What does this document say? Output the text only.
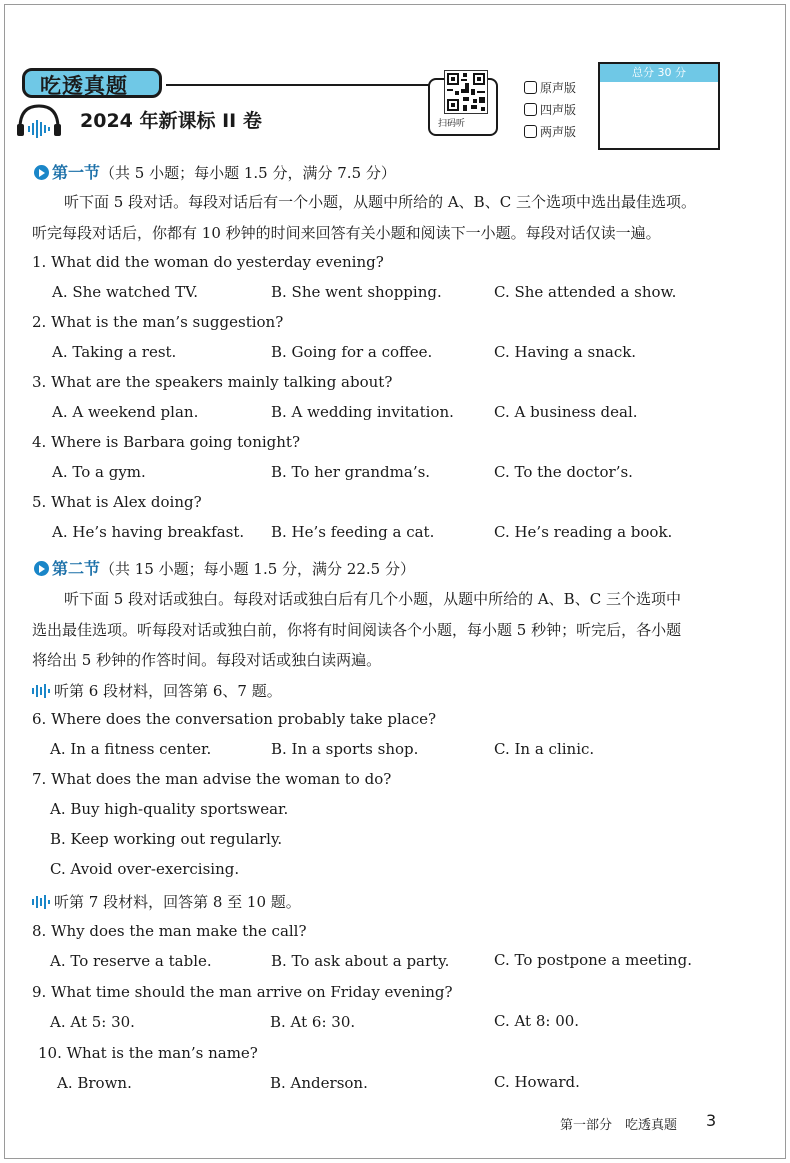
吃透真题
2024 年新课标 II 卷	扫码听
原声版
四声版
两声版
总分 30 分
第一节（共 5 小题；每小题 1.5 分，满分 7.5 分）
听下面 5 段对话。每段对话后有一个小题，从题中所给的 A、B、C 三个选项中选出最佳选项。
听完每段对话后，你都有 10 秒钟的时间来回答有关小题和阅读下一小题。每段对话仅读一遍。
1. What did the woman do yesterday evening?
A. She watched TV.	B. She went shopping.	C. She attended a show.
2. What is the man’s suggestion?
A. Taking a rest.	B. Going for a coffee.	C. Having a snack.
3. What are the speakers mainly talking about?
A. A weekend plan.	B. A wedding invitation.	C. A business deal.
4. Where is Barbara going tonight?
A. To a gym.	B. To her grandma’s.	C. To the doctor’s.
5. What is Alex doing?
A. He’s having breakfast. B. He’s feeding a cat.	C. He’s reading a book.
第二节（共 15 小题；每小题 1.5 分，满分 22.5 分）
听下面 5 段对话或独白。每段对话或独白后有几个小题，从题中所给的 A、B、C 三个选项中
选出最佳选项。听每段对话或独白前，你将有时间阅读各个小题，每小题 5 秒钟；听完后，各小题
将给出 5 秒钟的作答时间。每段对话或独白读两遍。
听第 6 段材料，回答第 6、7 题。
6. Where does the conversation probably take place?
A. In a fitness center.	B. In a sports shop.	C. In a clinic.
7. What does the man advise the woman to do?
A. Buy high-quality sportswear.
B. Keep working out regularly.
C. Avoid over-exercising.
听第 7 段材料，回答第 8 至 10 题。
8. Why does the man make the call?
A. To reserve a table.	B. To ask about a party.	C. To postpone a meeting.
9. What time should the man arrive on Friday evening?
A. At 5: 30.	B. At 6: 30.	C. At 8: 00.
10. What is the man’s name?
A. Brown.	B. Anderson.	C. Howard.
第一部分　吃透真题 3
